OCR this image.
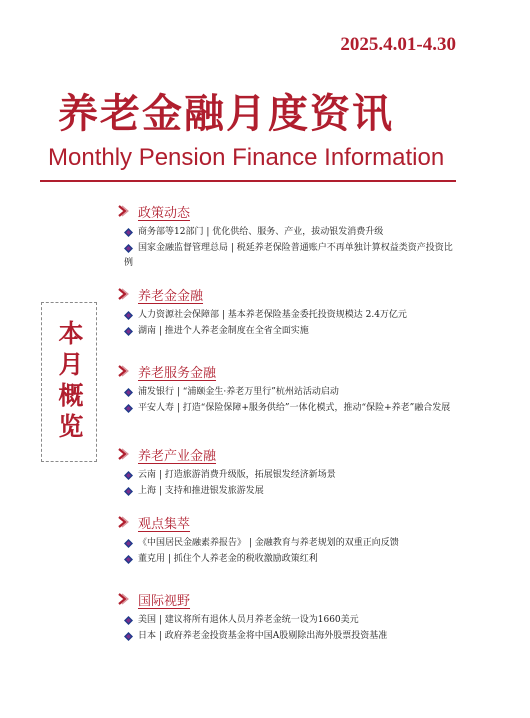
2025.4.01-4.30
养老金融月度资讯
Monthly Pension Finance Information
本月概览
政策动态
商务部等12部门 | 优化供给、服务、产业，拔动银发消费升级
国家金融监督管理总局 | 税延养老保险普通账户不再单独计算权益类资产投资比例
养老金金融
人力资源社会保障部 | 基本养老保险基金委托投资规模达 2.4万亿元
湖南 | 推进个人养老金制度在全省全面实施
养老服务金融
浦发银行 | “浦颐金生·养老万里行”杭州站活动启动
平安人寿 | 打造“保险保障+服务供给”一体化模式，推动“保险+养老”融合发展
养老产业金融
云南 | 打造旅游消费升级版，拓展银发经济新场景
上海 | 支持和推进银发旅游发展
观点集萃
《中国居民金融素养报告》 | 金融教育与养老规划的双重正向反馈
董克用 | 抓住个人养老金的税收激励政策红利
国际视野
美国 | 建议将所有退休人员月养老金统一设为1660美元
日本 | 政府养老金投资基金将中国A股剔除出海外股票投资基准
